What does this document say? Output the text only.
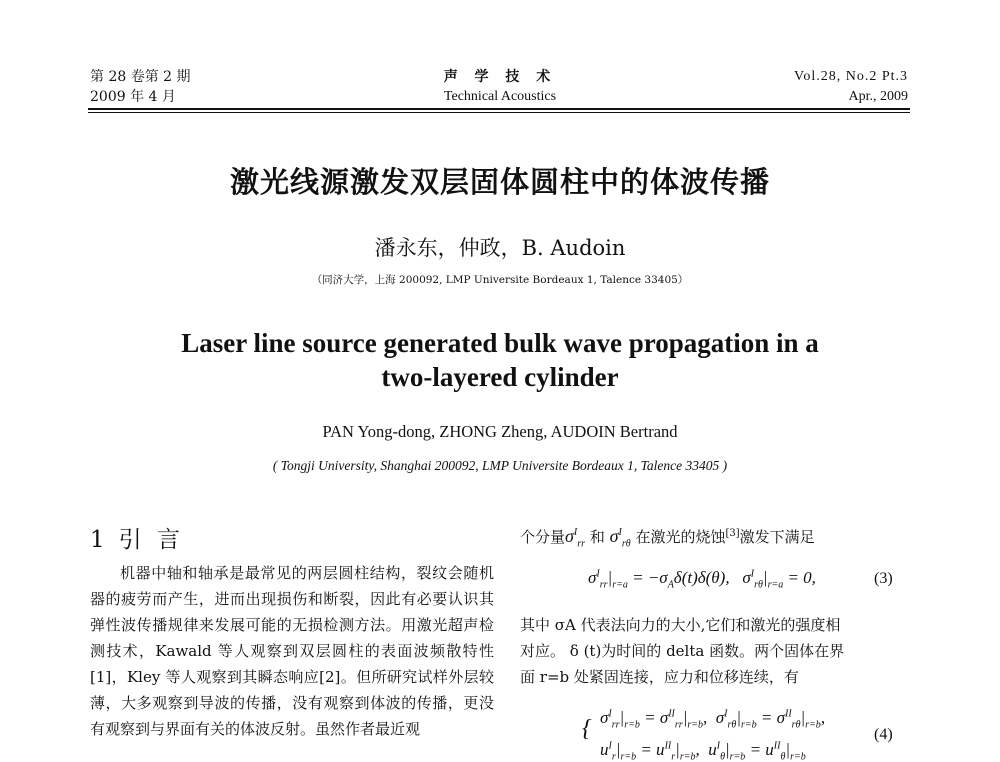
第 28 卷第 2 期
2009 年 4 月
声 学 技 术
Technical Acoustics
Vol.28, No.2 Pt.3
Apr., 2009
激光线源激发双层固体圆柱中的体波传播
潘永东，仲政，B. Audoin
（同济大学，上海 200092, LMP Universite Bordeaux 1, Talence 33405）
Laser line source generated bulk wave propagation in a
two-layered cylinder
PAN Yong-dong, ZHONG Zheng, AUDOIN Bertrand
( Tongji University, Shanghai 200092, LMP Universite Bordeaux 1, Talence 33405 )
1 引 言

机器中轴和轴承是最常见的两层圆柱结构，裂纹会随机器的疲劳而产生，进而出现损伤和断裂，因此有必要认识其弹性波传播规律来发展可能的无损检测方法。用激光超声检测技术，Kawald 等人观察到双层圆柱的表面波频散特性[1]，Kley 等人观察到其瞬态响应[2]。但所研究试样外层较薄，大多观察到导波的传播，没有观察到体波的传播，更没有观察到与界面有关的体波反射。虽然作者最近观

个分量$\sigma^I_{rr}$ 和 $\sigma^I_{r\theta}$ 在激光的烧蚀[3]激发下满足
$\sigma^I_{rr}|_{r=a} = -\sigma_A\delta(t)\delta(\theta)$,   $\sigma^I_{r\theta}|_{r=a} = 0$,	(3)
其中 σA 代表法向力的大小,它们和激光的强度相
对应。 δ (t)为时间的 delta 函数。两个固体在界
面 r=b 处紧固连接，应力和位移连续，有
{ $\sigma^I_{rr}|_{r=b} = \sigma^{II}_{rr}|_{r=b}$,  $\sigma^I_{r\theta}|_{r=b} = \sigma^{II}_{r\theta}|_{r=b}$,
$u^I_r|_{r=b} = u^{II}_r|_{r=b}$,  $u^I_\theta|_{r=b} = u^{II}_\theta|_{r=b}$
(4)
